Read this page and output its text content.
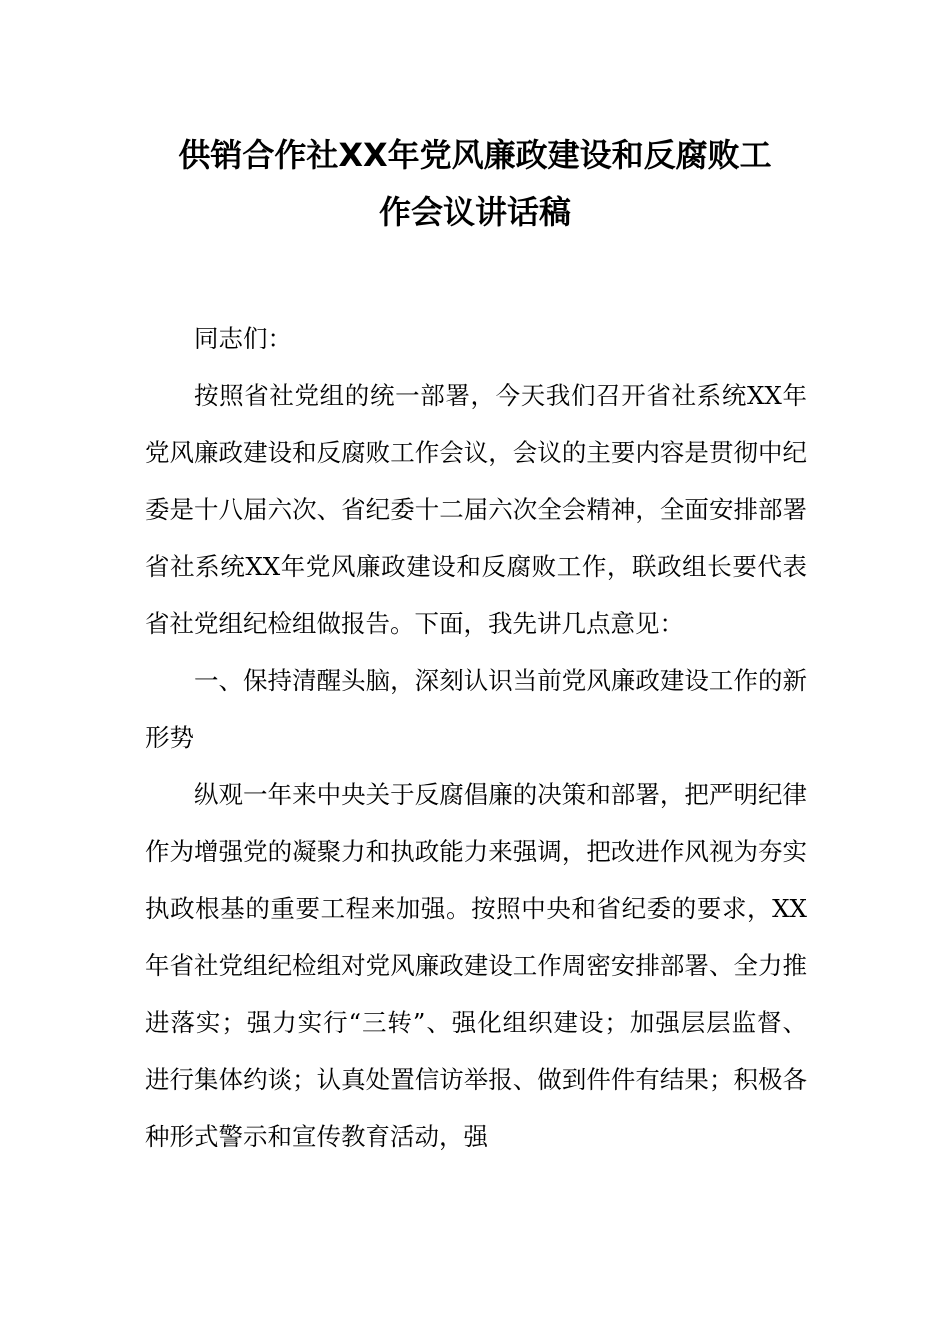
供销合作社XX年党风廉政建设和反腐败工
作会议讲话稿

同志们：

按照省社党组的统一部署，今天我们召开省社系统XX年党风廉政建设和反腐败工作会议，会议的主要内容是贯彻中纪委是十八届六次、省纪委十二届六次全会精神，全面安排部署省社系统XX年党风廉政建设和反腐败工作，联政组长要代表省社党组纪检组做报告。下面，我先讲几点意见：

一、保持清醒头脑，深刻认识当前党风廉政建设工作的新形势

纵观一年来中央关于反腐倡廉的决策和部署，把严明纪律作为增强党的凝聚力和执政能力来强调，把改进作风视为夯实执政根基的重要工程来加强。按照中央和省纪委的要求，XX年省社党组纪检组对党风廉政建设工作周密安排部署、全力推进落实；强力实行“三转”、强化组织建设；加强层层监督、进行集体约谈；认真处置信访举报、做到件件有结果；积极各种形式警示和宣传教育活动，强
